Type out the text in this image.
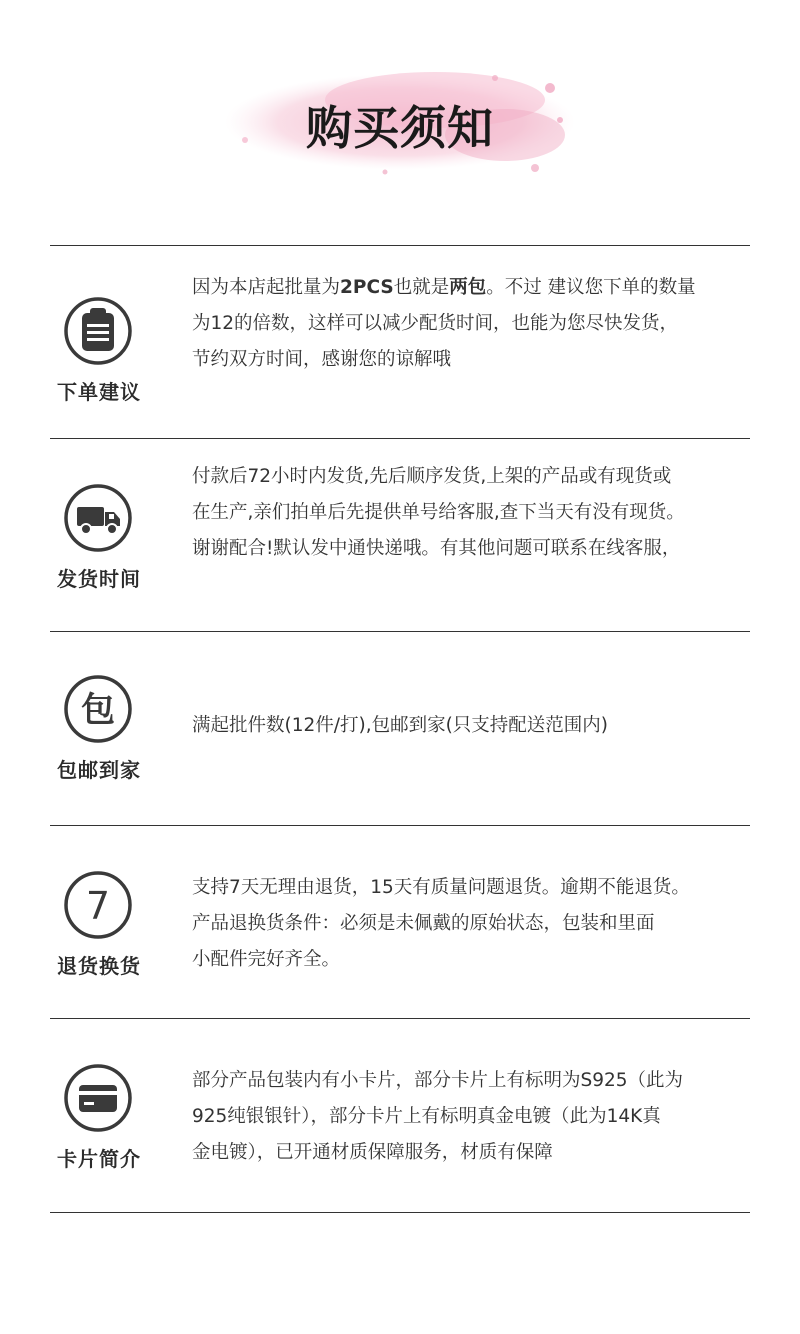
购买须知
下单建议

因为本店起批量为2PCS也就是两包。不过 建议您下单的数量

为12的倍数，这样可以减少配货时间，也能为您尽快发货，

节约双方时间，感谢您的谅解哦

发货时间

付款后72小时内发货,先后顺序发货,上架的产品或有现货或

在生产,亲们拍单后先提供单号给客服,查下当天有没有现货。

谢谢配合!默认发中通快递哦。有其他问题可联系在线客服，

包
包邮到家

满起批件数(12件/打),包邮到家(只支持配送范围内)

7
退货换货

支持7天无理由退货，15天有质量问题退货。逾期不能退货。

产品退换货条件：必须是未佩戴的原始状态，包装和里面

小配件完好齐全。

卡片简介

部分产品包装内有小卡片，部分卡片上有标明为S925（此为

925纯银银针），部分卡片上有标明真金电镀（此为14K真

金电镀），已开通材质保障服务，材质有保障
